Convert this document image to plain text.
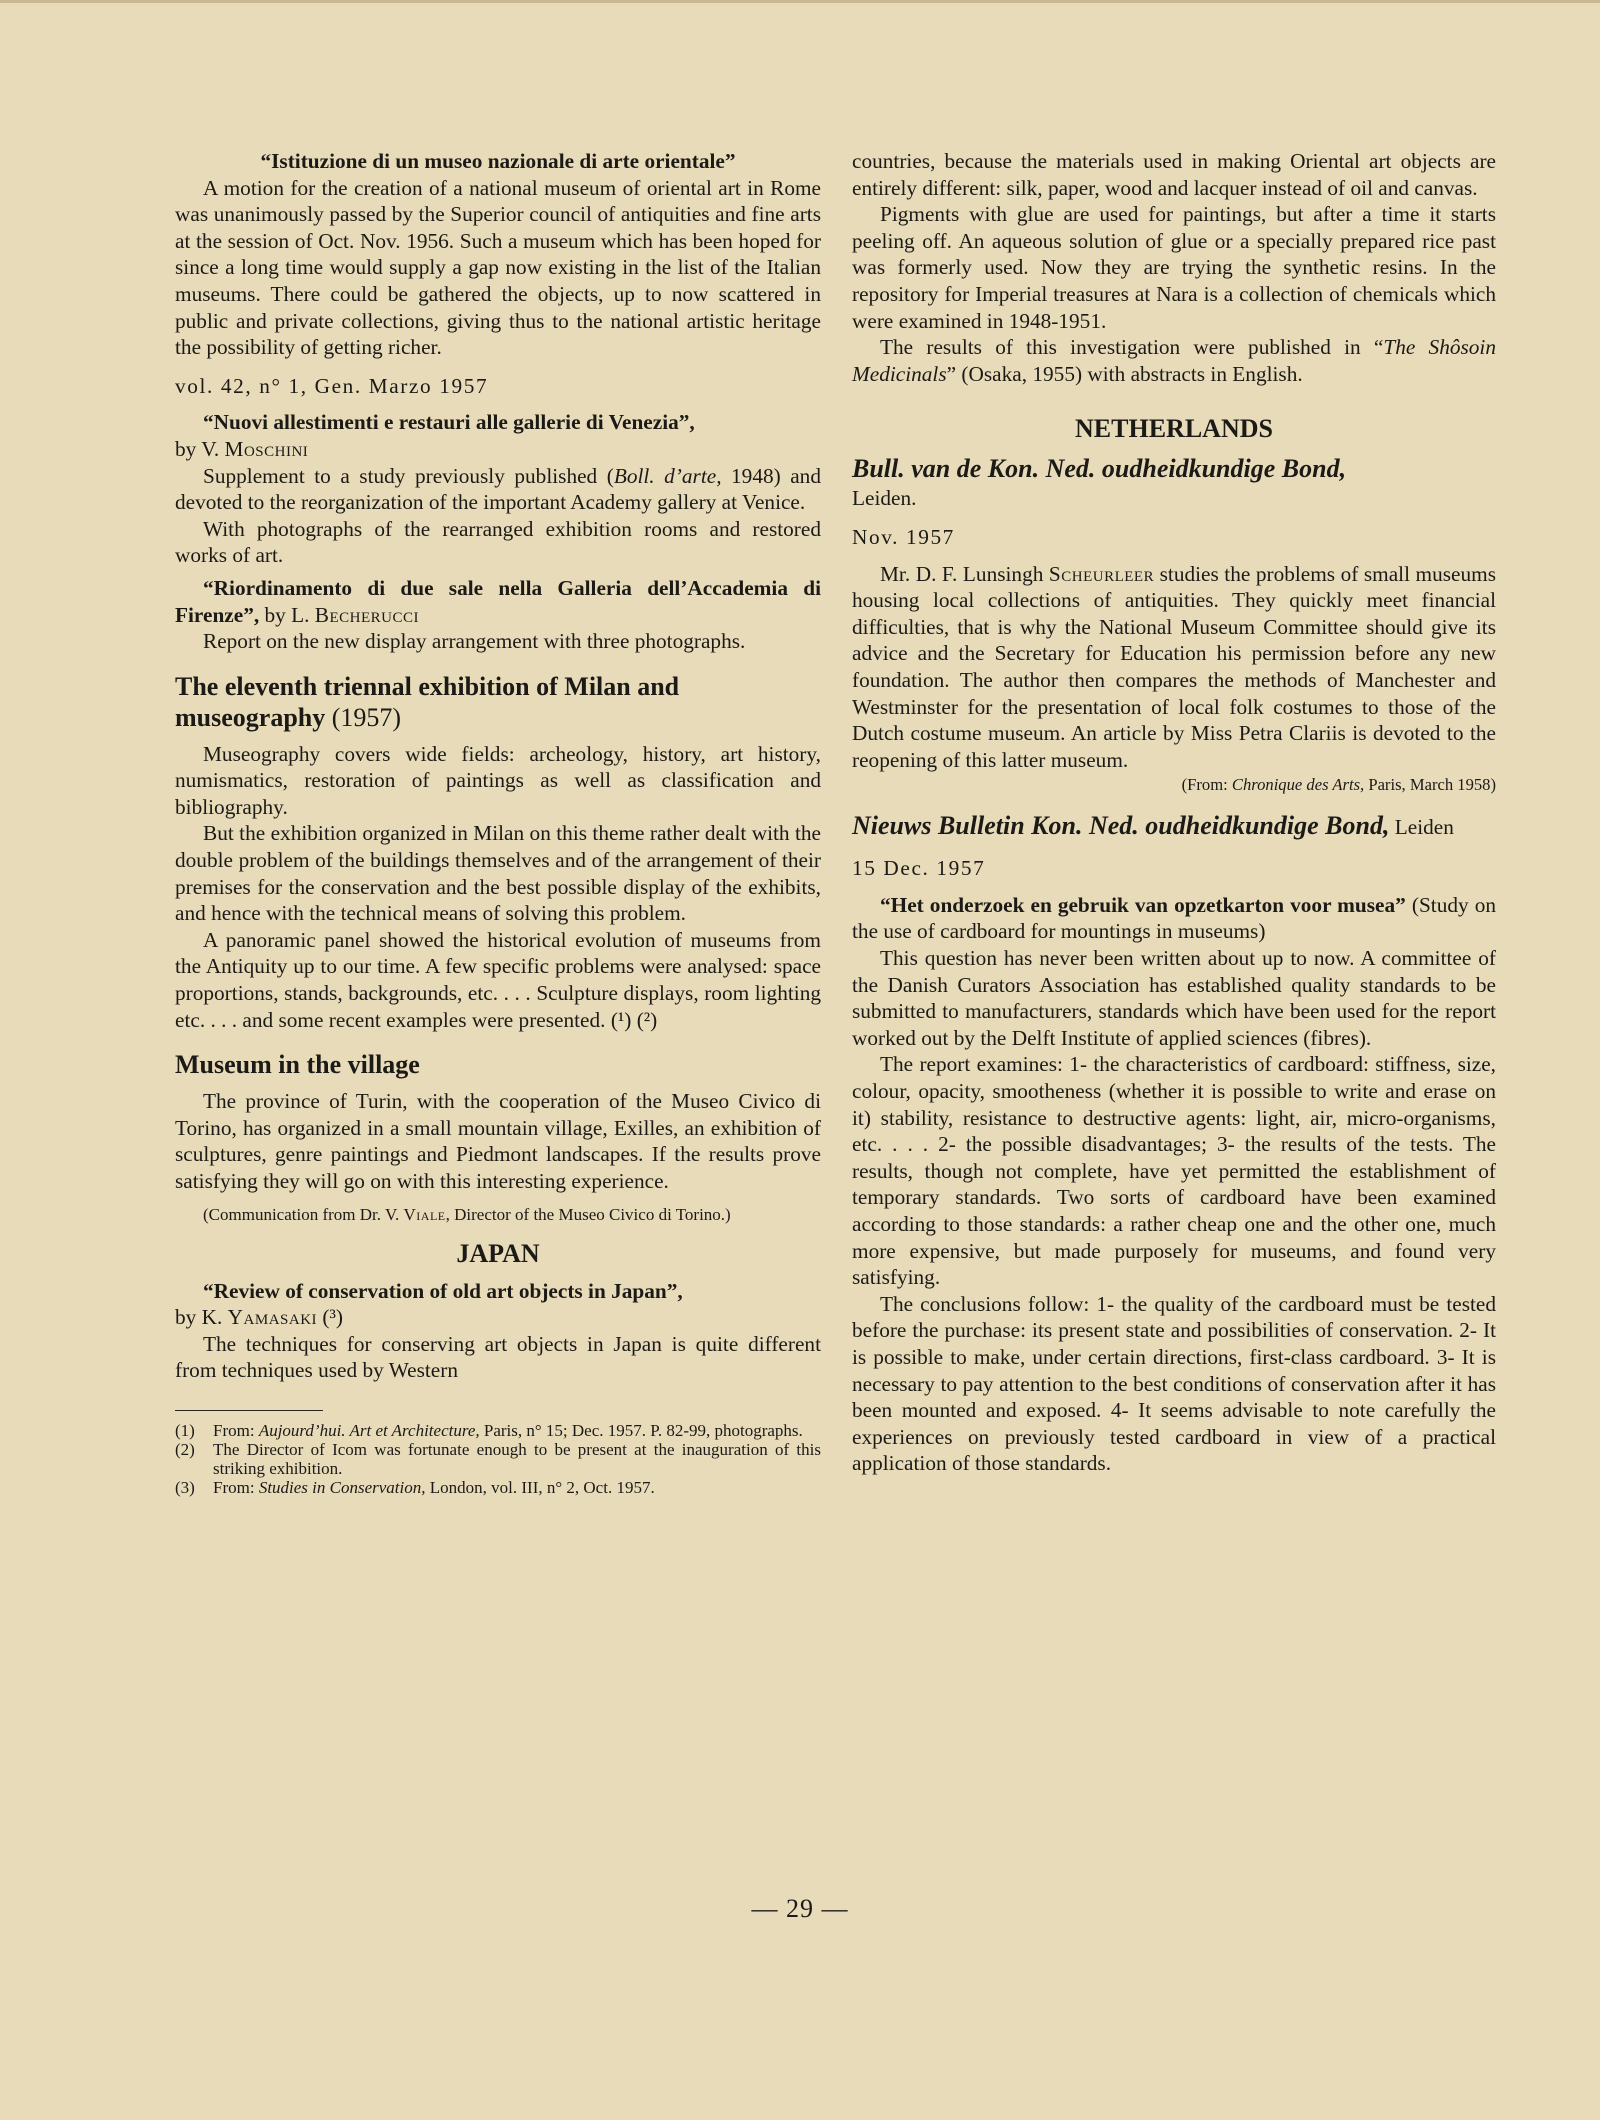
“Istituzione di un museo nazionale di arte orientale”

A motion for the creation of a national museum of oriental art in Rome was unanimously passed by the Superior council of antiquities and fine arts at the session of Oct. Nov. 1956. Such a museum which has been hoped for since a long time would supply a gap now existing in the list of the Italian museums. There could be gathered the objects, up to now scattered in public and private collections, giving thus to the national artistic heritage the possibility of getting richer.

vol. 42, n° 1, Gen. Marzo 1957

“Nuovi allestimenti e restauri alle gallerie di Venezia”,

by V. Moschini

Supplement to a study previously published (Boll. d’arte, 1948) and devoted to the reorganization of the important Academy gallery at Venice.

With photographs of the rearranged exhibition rooms and restored works of art.

“Riordinamento di due sale nella Galleria dell’Accademia di Firenze”, by L. Becherucci

Report on the new display arrangement with three photographs.

The eleventh triennal exhibition of Milan and museography (1957)

Museography covers wide fields: archeology, history, art history, numismatics, restoration of paintings as well as classification and bibliography.

But the exhibition organized in Milan on this theme rather dealt with the double problem of the buildings themselves and of the arrangement of their premises for the conservation and the best possible display of the exhibits, and hence with the technical means of solving this problem.

A panoramic panel showed the historical evolution of museums from the Antiquity up to our time. A few specific problems were analysed: space proportions, stands, backgrounds, etc. . . . Sculpture displays, room lighting etc. . . . and some recent examples were presented. (¹) (²)

Museum in the village

The province of Turin, with the cooperation of the Museo Civico di Torino, has organized in a small mountain village, Exilles, an exhibition of sculptures, genre paintings and Piedmont landscapes. If the results prove satisfying they will go on with this interesting experience.

(Communication from Dr. V. Viale, Director of the Museo Civico di Torino.)

JAPAN

“Review of conservation of old art objects in Japan”,

by K. Yamasaki (³)

The techniques for conserving art objects in Japan is quite different from techniques used by Western

(1)	From: Aujourd’hui. Art et Architecture, Paris, n° 15; Dec. 1957. P. 82-99, photographs.
(2)	The Director of Icom was fortunate enough to be present at the inauguration of this striking exhibition.
(3)	From: Studies in Conservation, London, vol. III, n° 2, Oct. 1957.

countries, because the materials used in making Oriental art objects are entirely different: silk, paper, wood and lacquer instead of oil and canvas.

Pigments with glue are used for paintings, but after a time it starts peeling off. An aqueous solution of glue or a specially prepared rice past was formerly used. Now they are trying the synthetic resins. In the repository for Imperial treasures at Nara is a collection of chemicals which were examined in 1948-1951.

The results of this investigation were published in “The Shôsoin Medicinals” (Osaka, 1955) with abstracts in English.

NETHERLANDS

Bull. van de Kon. Ned. oudheidkundige Bond,

Leiden.

Nov. 1957

Mr. D. F. Lunsingh Scheurleer studies the problems of small museums housing local collections of antiquities. They quickly meet financial difficulties, that is why the National Museum Committee should give its advice and the Secretary for Education his permission before any new foundation. The author then compares the methods of Manchester and Westminster for the presentation of local folk costumes to those of the Dutch costume museum. An article by Miss Petra Clariis is devoted to the reopening of this latter museum.

(From: Chronique des Arts, Paris, March 1958)

Nieuws Bulletin Kon. Ned. oudheidkundige Bond, Leiden

15 Dec. 1957

“Het onderzoek en gebruik van opzetkarton voor musea” (Study on the use of cardboard for mountings in museums)

This question has never been written about up to now. A committee of the Danish Curators Association has established quality standards to be submitted to manufacturers, standards which have been used for the report worked out by the Delft Institute of applied sciences (fibres).

The report examines: 1- the characteristics of cardboard: stiffness, size, colour, opacity, smootheness (whether it is possible to write and erase on it) stability, resistance to destructive agents: light, air, micro-organisms, etc. . . . 2- the possible disadvantages; 3- the results of the tests. The results, though not complete, have yet permitted the establishment of temporary standards. Two sorts of cardboard have been examined according to those standards: a rather cheap one and the other one, much more expensive, but made purposely for museums, and found very satisfying.

The conclusions follow: 1- the quality of the cardboard must be tested before the purchase: its present state and possibilities of conservation. 2- It is possible to make, under certain directions, first-class cardboard. 3- It is necessary to pay attention to the best conditions of conservation after it has been mounted and exposed. 4- It seems advisable to note carefully the experiences on previously tested cardboard in view of a practical application of those standards.

— 29 —
